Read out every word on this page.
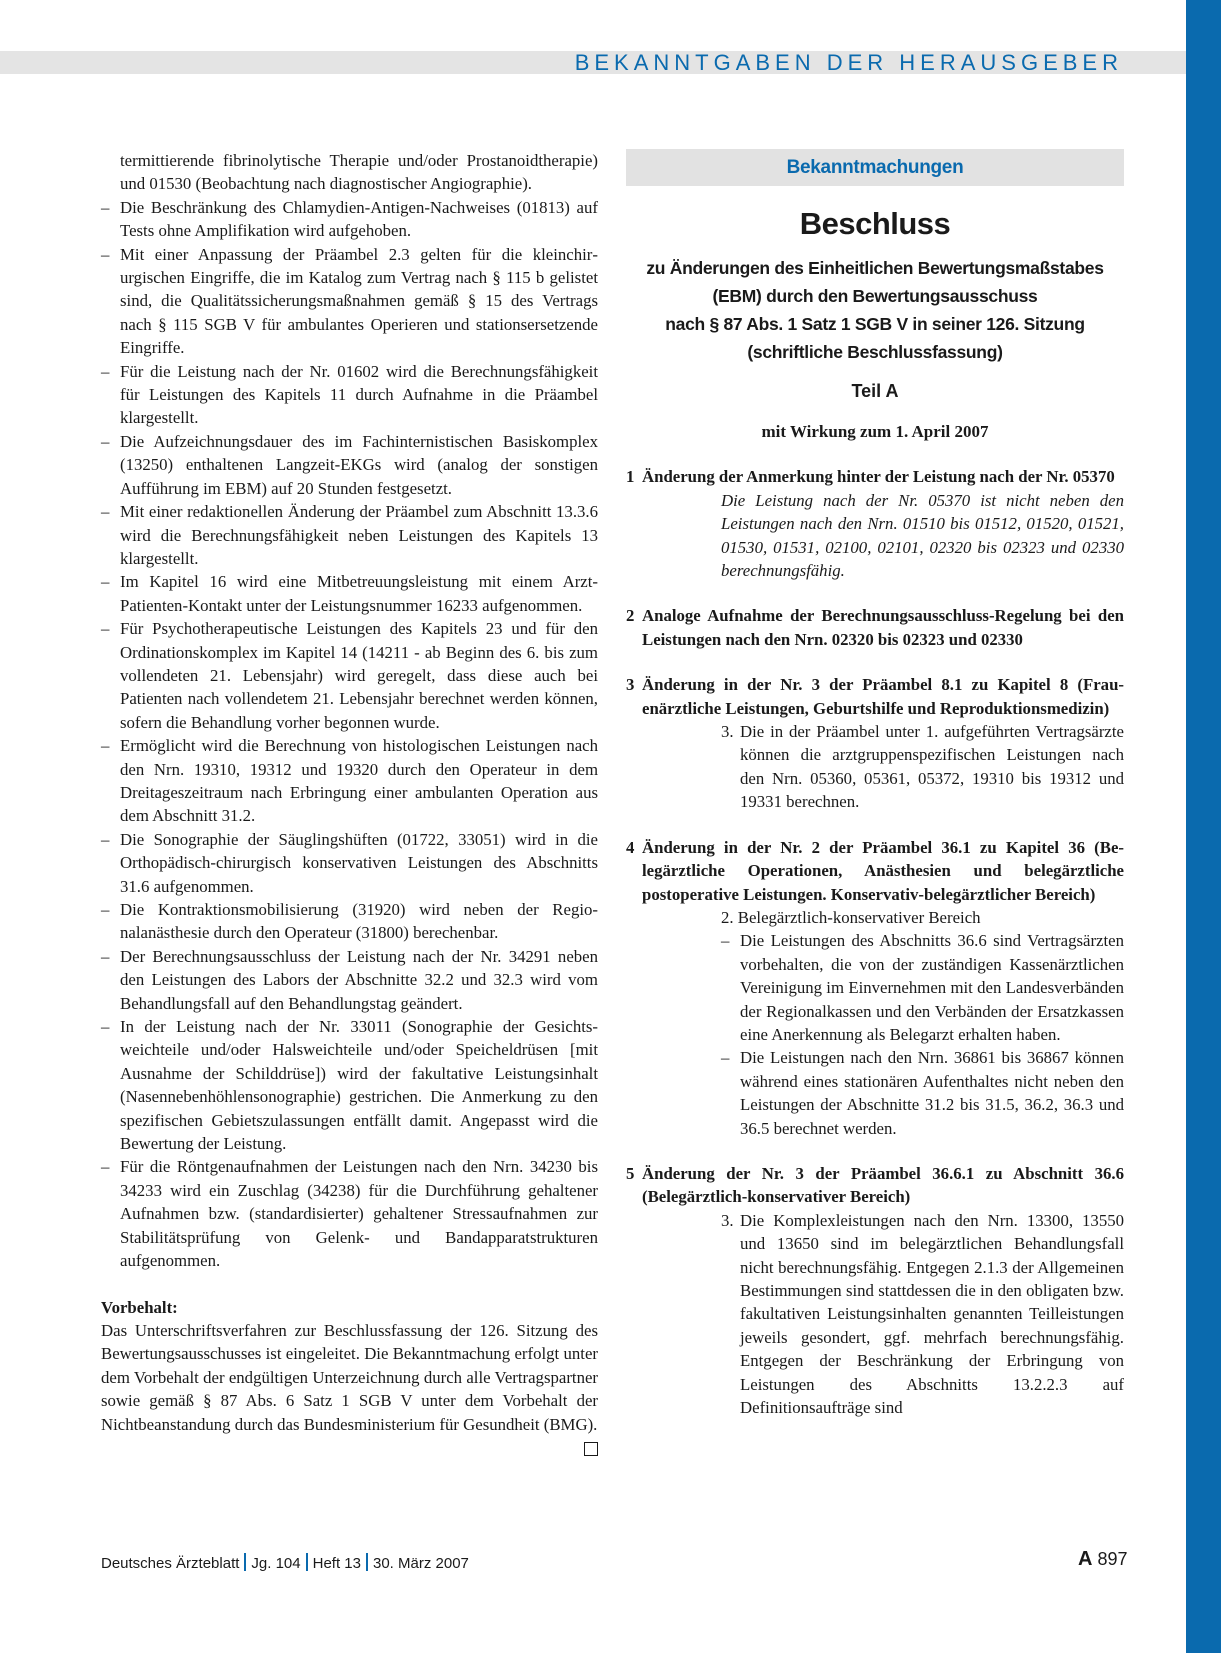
BEKANNTGABEN DER HERAUSGEBER

termittierende fibrinolytische Therapie und/oder Prostanoidtherapie) und 01530 (Beobachtung nach diagnostischer Angiographie).

– Die Beschränkung des Chlamydien-Antigen-Nachweises (01813) auf Tests ohne Amplifikation wird aufgehoben.
– Mit einer Anpassung der Präambel 2.3 gelten für die kleinchirurgischen Eingriffe, die im Katalog zum Vertrag nach § 115 b gelistet sind, die Qualitätssicherungsmaßnahmen gemäß § 15 des Vertrags nach § 115 SGB V für ambulantes Operieren und stationsersetzende Eingriffe.
– Für die Leistung nach der Nr. 01602 wird die Berechnungsfähigkeit für Leistungen des Kapitels 11 durch Aufnahme in die Präambel klargestellt.
– Die Aufzeichnungsdauer des im Fachinternistischen Basiskomplex (13250) enthaltenen Langzeit-EKGs wird (analog der sonstigen Aufführung im EBM) auf 20 Stunden festgesetzt.
– Mit einer redaktionellen Änderung der Präambel zum Abschnitt 13.3.6 wird die Berechnungsfähigkeit neben Leistungen des Kapitels 13 klargestellt.
– Im Kapitel 16 wird eine Mitbetreuungsleistung mit einem Arzt-Patienten-Kontakt unter der Leistungsnummer 16233 aufgenommen.
– Für Psychotherapeutische Leistungen des Kapitels 23 und für den Ordinationskomplex im Kapitel 14 (14211 - ab Beginn des 6. bis zum vollendeten 21. Lebensjahr) wird geregelt, dass diese auch bei Patienten nach vollendetem 21. Lebensjahr berechnet werden können, sofern die Behandlung vorher begonnen wurde.
– Ermöglicht wird die Berechnung von histologischen Leistungen nach den Nrn. 19310, 19312 und 19320 durch den Operateur in dem Dreitageszeitraum nach Erbringung einer ambulanten Operation aus dem Abschnitt 31.2.
– Die Sonographie der Säuglingshüften (01722, 33051) wird in die Orthopädisch-chirurgisch konservativen Leistungen des Abschnitts 31.6 aufgenommen.
– Die Kontraktionsmobilisierung (31920) wird neben der Regionalanästhesie durch den Operateur (31800) berechenbar.
– Der Berechnungsausschluss der Leistung nach der Nr. 34291 neben den Leistungen des Labors der Abschnitte 32.2 und 32.3 wird vom Behandlungsfall auf den Behandlungstag geändert.
– In der Leistung nach der Nr. 33011 (Sonographie der Gesichtsweichteile und/oder Halsweichteile und/oder Speicheldrüsen [mit Ausnahme der Schilddrüse]) wird der fakultative Leistungsinhalt (Nasennebenhöhlensonographie) gestrichen. Die Anmerkung zu den spezifischen Gebietszulassungen entfällt damit. Angepasst wird die Bewertung der Leistung.
– Für die Röntgenaufnahmen der Leistungen nach den Nrn. 34230 bis 34233 wird ein Zuschlag (34238) für die Durchführung gehaltener Aufnahmen bzw. (standardisierter) gehaltener Stressaufnahmen zur Stabilitätsprüfung von Gelenk- und Bandapparatstrukturen aufgenommen.
Vorbehalt:

Das Unterschriftsverfahren zur Beschlussfassung der 126. Sitzung des Bewertungsausschusses ist eingeleitet. Die Bekanntmachung erfolgt unter dem Vorbehalt der endgültigen Unterzeichnung durch alle Vertragspartner sowie gemäß § 87 Abs. 6 Satz 1 SGB V unter dem Vorbehalt der Nichtbeanstandung durch das Bundesministerium für Gesundheit (BMG).

Bekanntmachungen
Beschluss

zu Änderungen des Einheitlichen Bewertungsmaßstabes

(EBM) durch den Bewertungsausschuss

nach § 87 Abs. 1 Satz 1 SGB V in seiner 126. Sitzung

(schriftliche Beschlussfassung)

Teil A

mit Wirkung zum 1. April 2007

1 Änderung der Anmerkung hinter der Leistung nach der Nr. 05370

Die Leistung nach der Nr. 05370 ist nicht neben den Leistungen nach den Nrn. 01510 bis 01512, 01520, 01521, 01530, 01531, 02100, 02101, 02320 bis 02323 und 02330 berechnungsfähig.

2 Analoge Aufnahme der Berechnungsausschluss-Regelung bei den Leistungen nach den Nrn. 02320 bis 02323 und 02330

3 Änderung in der Nr. 3 der Präambel 8.1 zu Kapitel 8 (Frauenärztliche Leistungen, Geburtshilfe und Reproduktionsmedizin)

3. Die in der Präambel unter 1. aufgeführten Vertragsärzte können die arztgruppenspezifischen Leistungen nach den Nrn. 05360, 05361, 05372, 19310 bis 19312 und 19331 berechnen.

4 Änderung in der Nr. 2 der Präambel 36.1 zu Kapitel 36 (Belegärztliche Operationen, Anästhesien und belegärztliche postoperative Leistungen. Konservativ-belegärztlicher Bereich)

2. Belegärztlich-konservativer Bereich

– Die Leistungen des Abschnitts 36.6 sind Vertragsärzten vorbehalten, die von der zuständigen Kassenärztlichen Vereinigung im Einvernehmen mit den Landesverbänden der Regionalkassen und den Verbänden der Ersatzkassen eine Anerkennung als Belegarzt erhalten haben.
– Die Leistungen nach den Nrn. 36861 bis 36867 können während eines stationären Aufenthaltes nicht neben den Leistungen der Abschnitte 31.2 bis 31.5, 36.2, 36.3 und 36.5 berechnet werden.

5 Änderung der Nr. 3 der Präambel 36.6.1 zu Abschnitt 36.6 (Belegärztlich-konservativer Bereich)

3. Die Komplexleistungen nach den Nrn. 13300, 13550 und 13650 sind im belegärztlichen Behandlungsfall nicht berechnungsfähig. Entgegen 2.1.3 der Allgemeinen Bestimmungen sind stattdessen die in den obligaten bzw. fakultativen Leistungsinhalten genannten Teilleistungen jeweils gesondert, ggf. mehrfach berechnungsfähig. Entgegen der Beschränkung der Erbringung von Leistungen des Abschnitts 13.2.2.3 auf Definitionsaufträge sind

Deutsches Ärzteblatt Jg. 104 Heft 13 30. März 2007	A 897
